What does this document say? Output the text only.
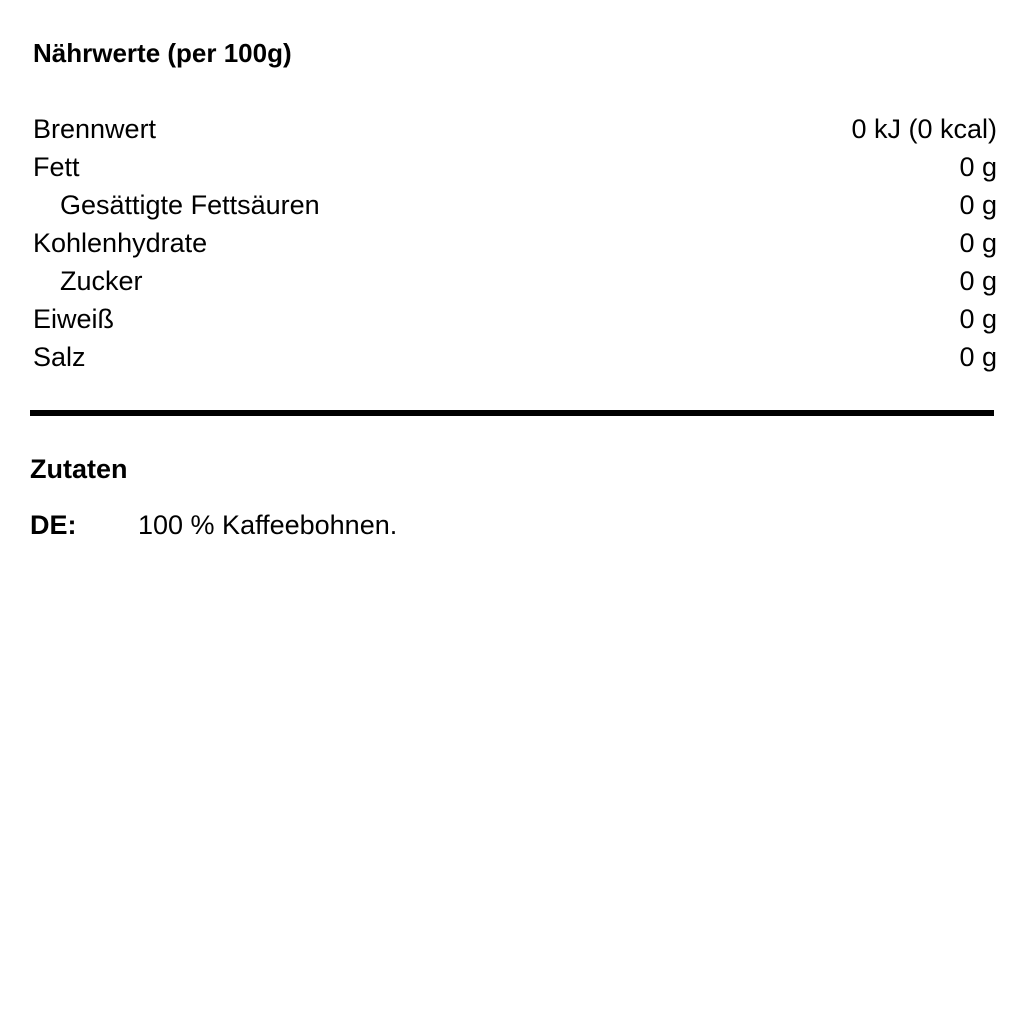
Nährwerte (per 100g)
Brennwert	0 kJ (0 kcal)
Fett	0 g
Gesättigte Fettsäuren	0 g
Kohlenhydrate	0 g
Zucker	0 g
Eiweiß	0 g
Salz	0 g
Zutaten
DE: 100 % Kaffeebohnen.
